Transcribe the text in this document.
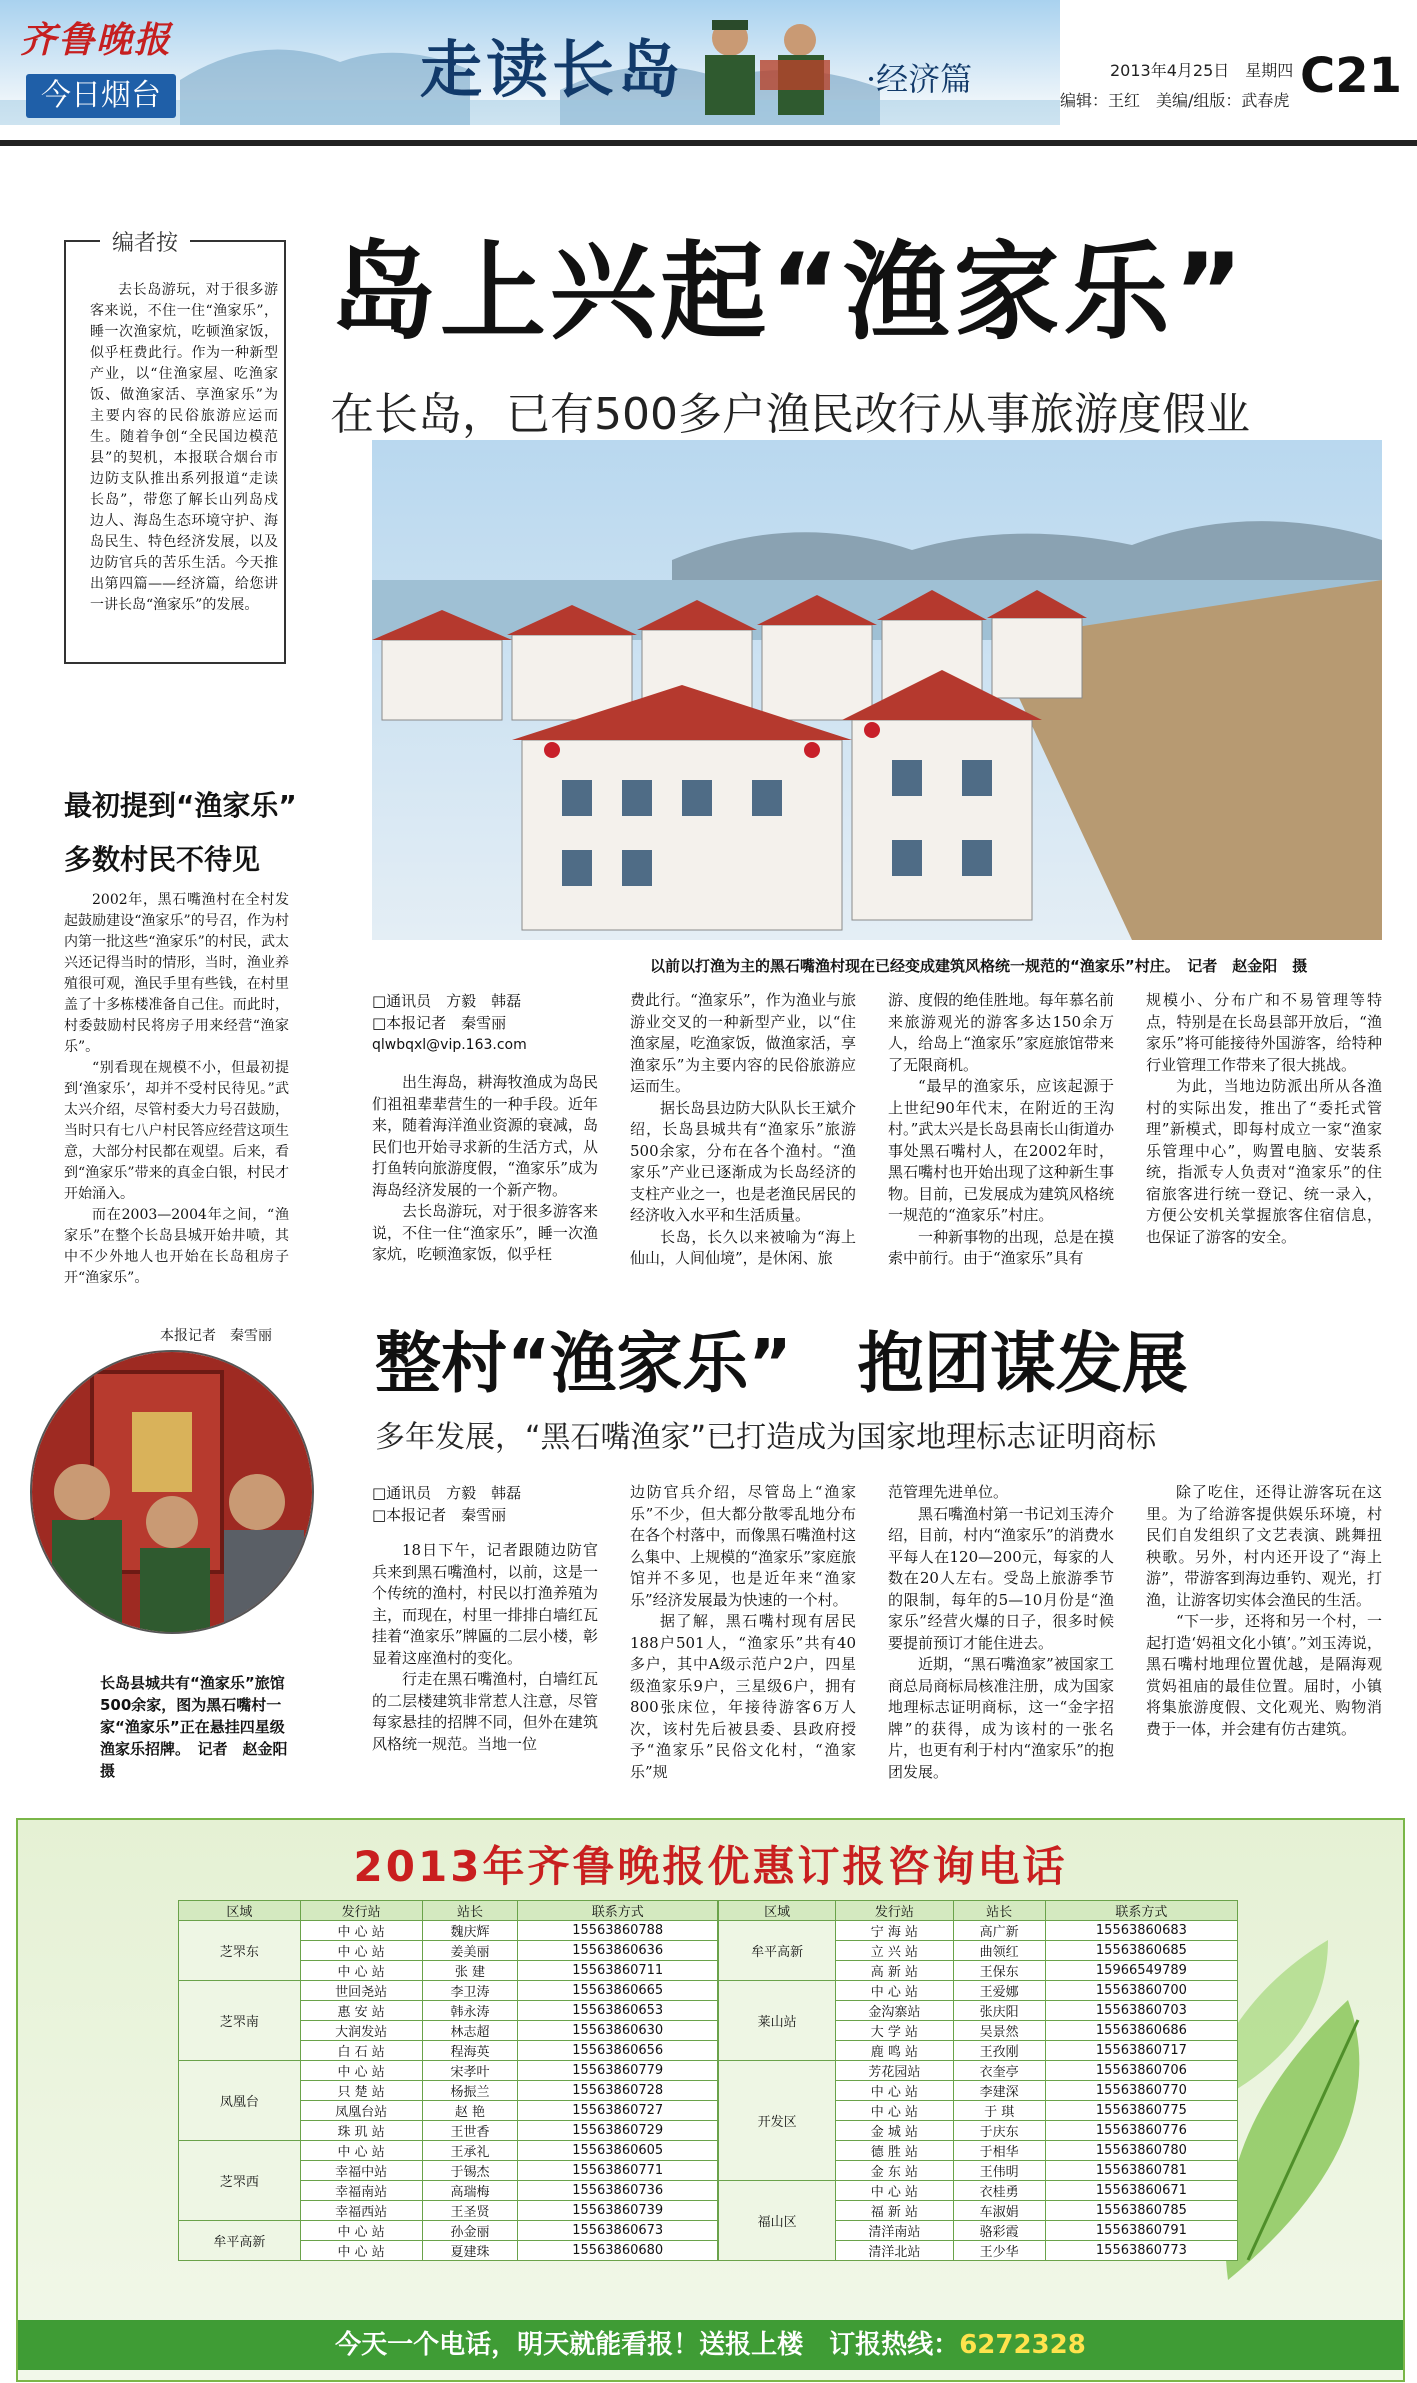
齐鲁晚报
今日烟台	走读长岛	·经济篇	2013年4月25日　星期四
编辑：王红　美编/组版：武春虎 C21
编者按

去长岛游玩，对于很多游客来说，不住一住“渔家乐”，睡一次渔家炕，吃顿渔家饭，似乎枉费此行。作为一种新型产业，以“住渔家屋、吃渔家饭、做渔家活、享渔家乐”为主要内容的民俗旅游应运而生。随着争创“全民国边模范县”的契机，本报联合烟台市边防支队推出系列报道“走读长岛”，带您了解长山列岛戍边人、海岛生态环境守护、海岛民生、特色经济发展，以及边防官兵的苦乐生活。今天推出第四篇——经济篇，给您讲一讲长岛“渔家乐”的发展。

岛上兴起“渔家乐”
在长岛，已有500多户渔民改行从事旅游度假业
以前以打渔为主的黑石嘴渔村现在已经变成建筑风格统一规范的“渔家乐”村庄。　记者　赵金阳　摄
最初提到“渔家乐”
多数村民不待见

2002年，黑石嘴渔村在全村发起鼓励建设“渔家乐”的号召，作为村内第一批这些“渔家乐”的村民，武太兴还记得当时的情形，当时，渔业养殖很可观，渔民手里有些钱，在村里盖了十多栋楼准备自己住。而此时，村委鼓励村民将房子用来经营“渔家乐”。

“别看现在规模不小，但最初提到‘渔家乐’，却并不受村民待见。”武太兴介绍，尽管村委大力号召鼓励，当时只有七八户村民答应经营这项生意，大部分村民都在观望。后来，看到“渔家乐”带来的真金白银，村民才开始涌入。

而在2003—2004年之间，“渔家乐”在整个长岛县城开始井喷，其中不少外地人也开始在长岛租房子开“渔家乐”。

本报记者　秦雪丽
长岛县城共有“渔家乐”旅馆500余家，图为黑石嘴村一家“渔家乐”正在悬挂四星级渔家乐招牌。　记者　赵金阳　摄
□通讯员　方毅　韩磊
□本报记者　秦雪丽
qlwbqxl@vip.163.com

出生海岛，耕海牧渔成为岛民们祖祖辈辈营生的一种手段。近年来，随着海洋渔业资源的衰减，岛民们也开始寻求新的生活方式，从打鱼转向旅游度假，“渔家乐”成为海岛经济发展的一个新产物。

去长岛游玩，对于很多游客来说，不住一住“渔家乐”，睡一次渔家炕，吃顿渔家饭，似乎枉

费此行。“渔家乐”，作为渔业与旅游业交叉的一种新型产业，以“住渔家屋，吃渔家饭，做渔家活，享渔家乐”为主要内容的民俗旅游应运而生。

据长岛县边防大队队长王斌介绍，长岛县城共有“渔家乐”旅游500余家，分布在各个渔村。“渔家乐”产业已逐渐成为长岛经济的支柱产业之一，也是老渔民居民的经济收入水平和生活质量。

长岛，长久以来被喻为“海上仙山，人间仙境”，是休闲、旅

游、度假的绝佳胜地。每年慕名前来旅游观光的游客多达150余万人，给岛上“渔家乐”家庭旅馆带来了无限商机。

“最早的渔家乐，应该起源于上世纪90年代末，在附近的王沟村。”武太兴是长岛县南长山街道办事处黑石嘴村人，在2002年时，黑石嘴村也开始出现了这种新生事物。目前，已发展成为建筑风格统一规范的“渔家乐”村庄。

一种新事物的出现，总是在摸索中前行。由于“渔家乐”具有

规模小、分布广和不易管理等特点，特别是在长岛县部开放后，“渔家乐”将可能接待外国游客，给特种行业管理工作带来了很大挑战。

为此，当地边防派出所从各渔村的实际出发，推出了“委托式管理”新模式，即每村成立一家“渔家乐管理中心”，购置电脑、安装系统，指派专人负责对“渔家乐”的住宿旅客进行统一登记、统一录入，方便公安机关掌握旅客住宿信息，也保证了游客的安全。

整村“渔家乐”　抱团谋发展
多年发展，“黑石嘴渔家”已打造成为国家地理标志证明商标
□通讯员　方毅　韩磊
□本报记者　秦雪丽

18日下午，记者跟随边防官兵来到黑石嘴渔村，以前，这是一个传统的渔村，村民以打渔养殖为主，而现在，村里一排排白墙红瓦挂着“渔家乐”牌匾的二层小楼，彰显着这座渔村的变化。

行走在黑石嘴渔村，白墙红瓦的二层楼建筑非常惹人注意，尽管每家悬挂的招牌不同，但外在建筑风格统一规范。当地一位

边防官兵介绍，尽管岛上“渔家乐”不少，但大都分散零乱地分布在各个村落中，而像黑石嘴渔村这么集中、上规模的“渔家乐”家庭旅馆并不多见，也是近年来“渔家乐”经济发展最为快速的一个村。

据了解，黑石嘴村现有居民188户501人，“渔家乐”共有40多户，其中A级示范户2户，四星级渔家乐9户，三星级6户，拥有800张床位，年接待游客6万人次，该村先后被县委、县政府授予“渔家乐”民俗文化村，“渔家乐”规

范管理先进单位。

黑石嘴渔村第一书记刘玉涛介绍，目前，村内“渔家乐”的消费水平每人在120—200元，每家的人数在20人左右。受岛上旅游季节的限制，每年的5—10月份是“渔家乐”经营火爆的日子，很多时候要提前预订才能住进去。

近期，“黑石嘴渔家”被国家工商总局商标局核准注册，成为国家地理标志证明商标，这一“金字招牌”的获得，成为该村的一张名片，也更有利于村内“渔家乐”的抱团发展。

除了吃住，还得让游客玩在这里。为了给游客提供娱乐环境，村民们自发组织了文艺表演、跳舞扭秧歌。另外，村内还开设了“海上游”，带游客到海边垂钓、观光，打渔，让游客切实体会渔民的生活。

“下一步，还将和另一个村，一起打造‘妈祖文化小镇’。”刘玉涛说，黑石嘴村地理位置优越，是隔海观赏妈祖庙的最佳位置。届时，小镇将集旅游度假、文化观光、购物消费于一体，并会建有仿古建筑。

2013年齐鲁晚报优惠订报咨询电话
区域	发行站	站长	联系方式
芝罘东	中 心 站	魏庆辉	15563860788
	中 心 站	姜美丽	15563860636
	中 心 站	张 建	15563860711
芝罘南	世回尧站	李卫涛	15563860665
	惠 安 站	韩永涛	15563860653
	大润发站	林志超	15563860630
	白 石 站	程海英	15563860656
凤凰台	中 心 站	宋孝叶	15563860779
	只 楚 站	杨振兰	15563860728
	凤凰台站	赵 艳	15563860727
	珠 玑 站	王世香	15563860729
芝罘西	中 心 站	王承礼	15563860605
	幸福中站	于锡杰	15563860771
	幸福南站	高瑞梅	15563860736
	幸福西站	王圣贤	15563860739
牟平高新	中 心 站	孙金丽	15563860673
	中 心 站	夏建珠	15563860680
区域	发行站	站长	联系方式
牟平高新	宁 海 站	高广新	15563860683
	立 兴 站	曲领红	15563860685
	高 新 站	王保东	15966549789
莱山站	中 心 站	王爱娜	15563860700
	金沟寨站	张庆阳	15563860703
	大 学 站	吴景然	15563860686
	鹿 鸣 站	王孜刚	15563860717
开发区	芳花园站	衣奎亭	15563860706
	中 心 站	李建深	15563860770
	中 心 站	于 琪	15563860775
	金 城 站	于庆东	15563860776
	德 胜 站	于相华	15563860780
	金 东 站	王伟明	15563860781
福山区	中 心 站	衣桂勇	15563860671
	福 新 站	车淑娟	15563860785
	清洋南站	骆彩霞	15563860791
	清洋北站	王少华	15563860773
今天一个电话，明天就能看报！送报上楼　订报热线：6272328
